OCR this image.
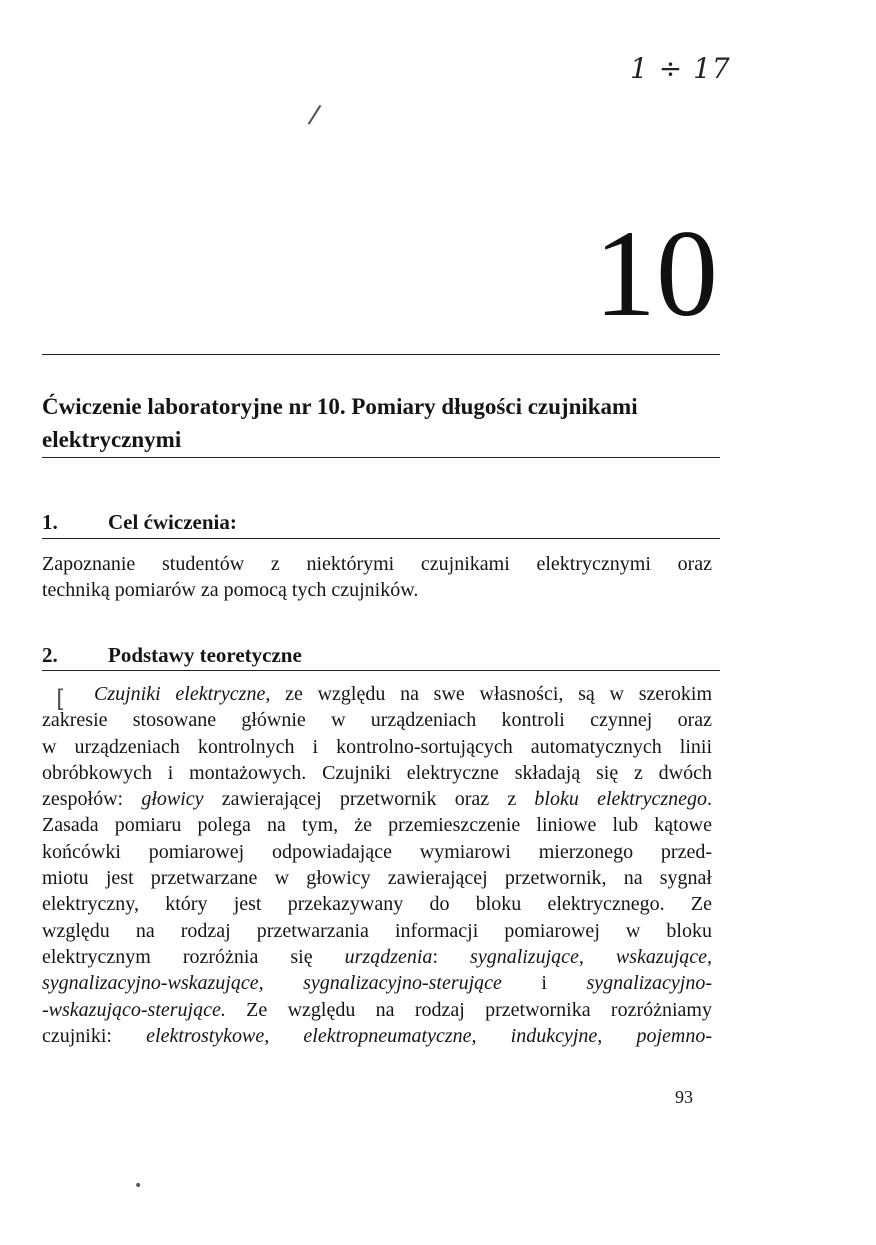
1 ÷ 17
10
Ćwiczenie laboratoryjne nr 10. Pomiary długości czujnikami elektrycznymi
1. Cel ćwiczenia:
Zapoznanie studentów z niektórymi czujnikami elektrycznymi oraz
techniką pomiarów za pomocą tych czujników.
2. Podstawy teoretyczne
Czujniki elektryczne, ze względu na swe własności, są w szerokim
zakresie stosowane głównie w urządzeniach kontroli czynnej oraz
w urządzeniach kontrolnych i kontrolno-sortujących automatycznych linii
obróbkowych i montażowych. Czujniki elektryczne składają się z dwóch
zespołów: głowicy zawierającej przetwornik oraz z bloku elektrycznego.
Zasada pomiaru polega na tym, że przemieszczenie liniowe lub kątowe
końcówki pomiarowej odpowiadające wymiarowi mierzonego przed-
miotu jest przetwarzane w głowicy zawierającej przetwornik, na sygnał
elektryczny, który jest przekazywany do bloku elektrycznego. Ze
względu na rodzaj przetwarzania informacji pomiarowej w bloku
elektrycznym rozróżnia się urządzenia: sygnalizujące, wskazujące,
sygnalizacyjno-wskazujące, sygnalizacyjno-sterujące i sygnalizacyjno-
-wskazująco-sterujące. Ze względu na rodzaj przetwornika rozróżniamy
czujniki: elektrostykowe, elektropneumatyczne, indukcyjne, pojemno-
93
/
[
•
